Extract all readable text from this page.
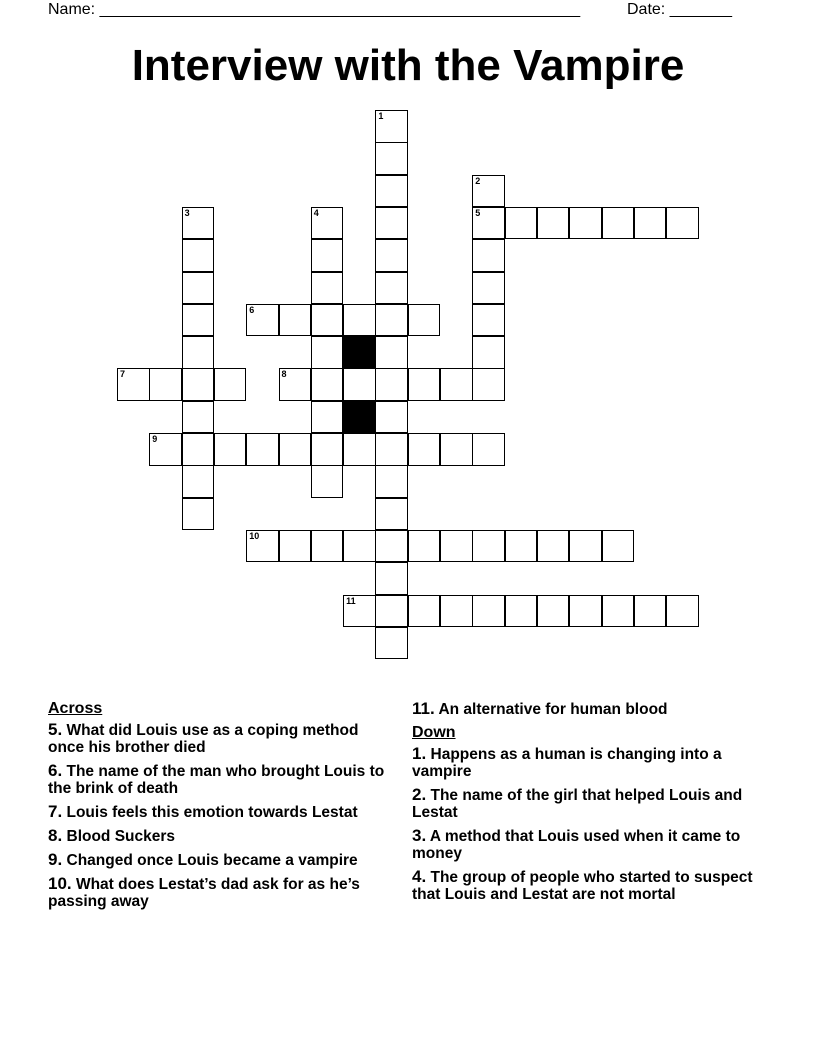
Name: ______________________________________________________	Date: _______
Interview with the Vampire
1
2
5
3	4
6
7	8
9
10
11
Across
5. What did Louis use as a coping method once his brother died
6. The name of the man who brought Louis to the brink of death
7. Louis feels this emotion towards Lestat
8. Blood Suckers
9. Changed once Louis became a vampire
10. What does Lestat’s dad ask for as he’s passing away
11. An alternative for human blood
Down
1. Happens as a human is changing into a vampire
2. The name of the girl that helped Louis and Lestat
3. A method that Louis used when it came to money
4. The group of people who started to suspect that Louis and Lestat are not mortal
